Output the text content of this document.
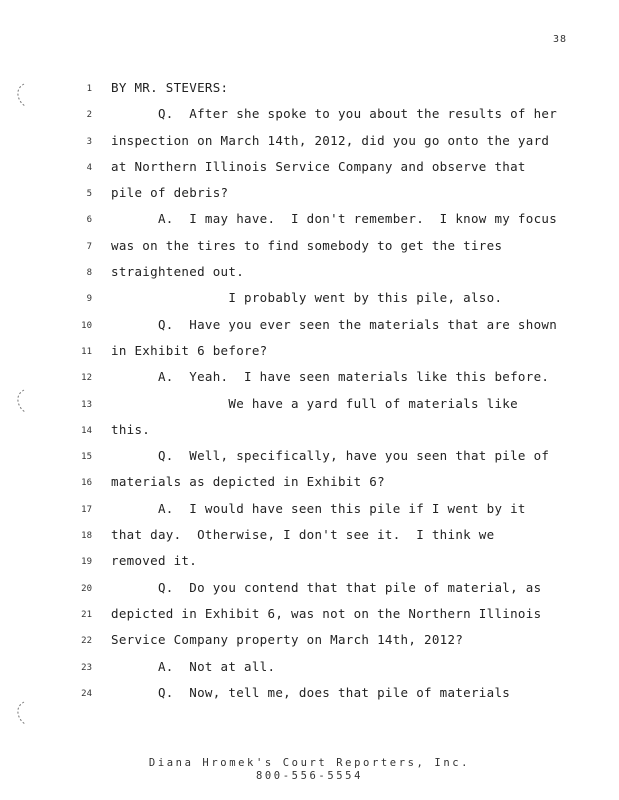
38
1 BY MR. STEVERS:
2 Q.  After she spoke to you about the results of her
3 inspection on March 14th, 2012, did you go onto the yard
4 at Northern Illinois Service Company and observe that
5 pile of debris?
6 A.  I may have.  I don't remember.  I know my focus
7 was on the tires to find somebody to get the tires
8 straightened out.
9 I probably went by this pile, also.
10 Q.  Have you ever seen the materials that are shown
11 in Exhibit 6 before?
12 A.  Yeah.  I have seen materials like this before.
13 We have a yard full of materials like
14 this.
15 Q.  Well, specifically, have you seen that pile of
16 materials as depicted in Exhibit 6?
17 A.  I would have seen this pile if I went by it
18 that day.  Otherwise, I don't see it.  I think we
19 removed it.
20 Q.  Do you contend that that pile of material, as
21 depicted in Exhibit 6, was not on the Northern Illinois
22 Service Company property on March 14th, 2012?
23 A.  Not at all.
24 Q.  Now, tell me, does that pile of materials
Diana Hromek's Court Reporters, Inc.
800-556-5554
